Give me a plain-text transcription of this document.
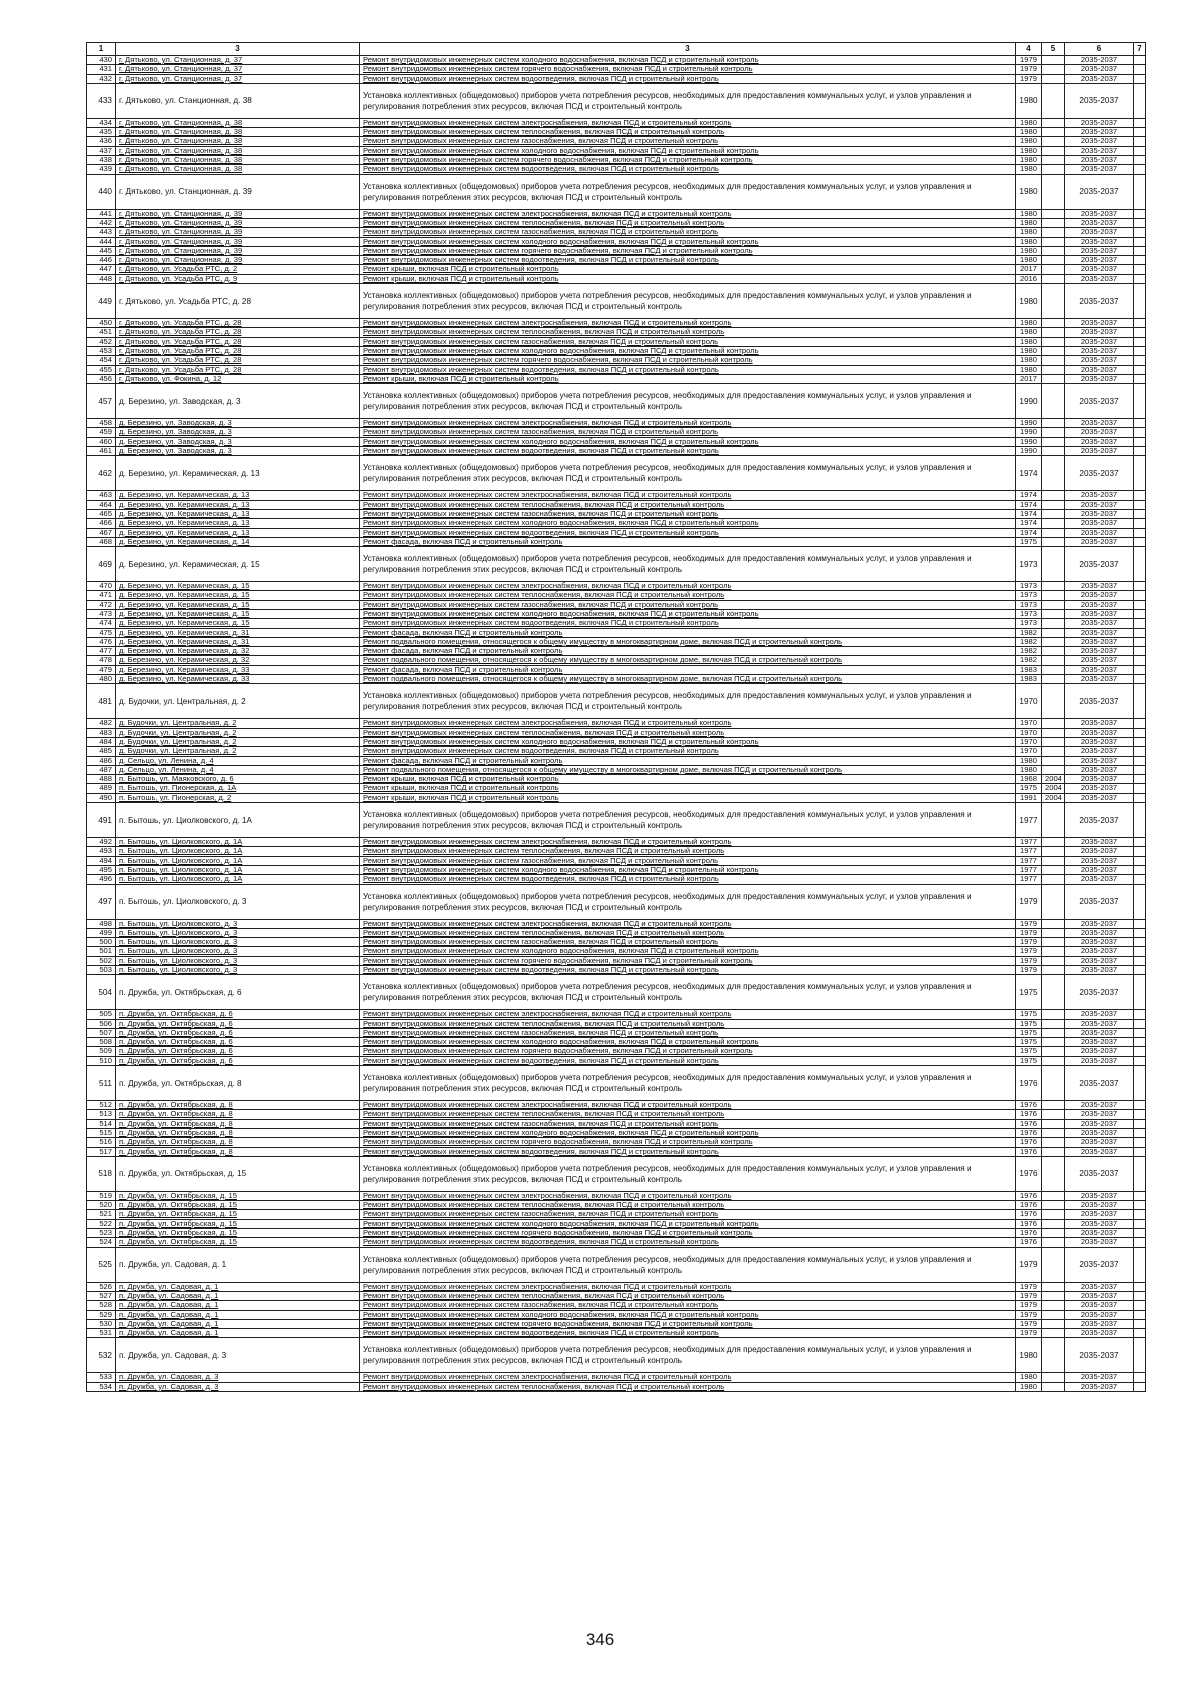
1	3	3	4	5	6	7
430	г. Дятьково, ул. Станционная, д. 37	Ремонт внутридомовых инженерных систем холодного водоснабжения, включая ПСД и строительный контроль	1979		2035-2037	
431	г. Дятьково, ул. Станционная, д. 37	Ремонт внутридомовых инженерных систем горячего водоснабжения, включая ПСД и строительный контроль	1979		2035-2037	
432	г. Дятьково, ул. Станционная, д. 37	Ремонт внутридомовых инженерных систем водоотведения, включая ПСД и строительный контроль	1979		2035-2037	
433	г. Дятьково, ул. Станционная, д. 38	Установка коллективных (общедомовых) приборов учета потребления ресурсов, необходимых для предоставления коммунальных услуг, и узлов управления и регулирования потребления этих ресурсов, включая ПСД и строительный контроль	1980		2035-2037	
434	г. Дятьково, ул. Станционная, д. 38	Ремонт внутридомовых инженерных систем электроснабжения, включая ПСД и строительный контроль	1980		2035-2037	
435	г. Дятьково, ул. Станционная, д. 38	Ремонт внутридомовых инженерных систем теплоснабжения, включая ПСД и строительный контроль	1980		2035-2037	
436	г. Дятьково, ул. Станционная, д. 38	Ремонт внутридомовых инженерных систем газоснабжения, включая ПСД и строительный контроль	1980		2035-2037	
437	г. Дятьково, ул. Станционная, д. 38	Ремонт внутридомовых инженерных систем холодного водоснабжения, включая ПСД и строительный контроль	1980		2035-2037	
438	г. Дятьково, ул. Станционная, д. 38	Ремонт внутридомовых инженерных систем горячего водоснабжения, включая ПСД и строительный контроль	1980		2035-2037	
439	г. Дятьково, ул. Станционная, д. 38	Ремонт внутридомовых инженерных систем водоотведения, включая ПСД и строительный контроль	1980		2035-2037	
440	г. Дятьково, ул. Станционная, д. 39	Установка коллективных (общедомовых) приборов учета потребления ресурсов, необходимых для предоставления коммунальных услуг, и узлов управления и регулирования потребления этих ресурсов, включая ПСД и строительный контроль	1980		2035-2037	
441	г. Дятьково, ул. Станционная, д. 39	Ремонт внутридомовых инженерных систем электроснабжения, включая ПСД и строительный контроль	1980		2035-2037	
442	г. Дятьково, ул. Станционная, д. 39	Ремонт внутридомовых инженерных систем теплоснабжения, включая ПСД и строительный контроль	1980		2035-2037	
443	г. Дятьково, ул. Станционная, д. 39	Ремонт внутридомовых инженерных систем газоснабжения, включая ПСД и строительный контроль	1980		2035-2037	
444	г. Дятьково, ул. Станционная, д. 39	Ремонт внутридомовых инженерных систем холодного водоснабжения, включая ПСД и строительный контроль	1980		2035-2037	
445	г. Дятьково, ул. Станционная, д. 39	Ремонт внутридомовых инженерных систем горячего водоснабжения, включая ПСД и строительный контроль	1980		2035-2037	
446	г. Дятьково, ул. Станционная, д. 39	Ремонт внутридомовых инженерных систем водоотведения, включая ПСД и строительный контроль	1980		2035-2037	
447	г. Дятьково, ул. Усадьба РТС, д. 2	Ремонт крыши, включая ПСД и строительный контроль	2017		2035-2037	
448	г. Дятьково, ул. Усадьба РТС, д. 9	Ремонт крыши, включая ПСД и строительный контроль	2016		2035-2037	
449	г. Дятьково, ул. Усадьба РТС, д. 28	Установка коллективных (общедомовых) приборов учета потребления ресурсов, необходимых для предоставления коммунальных услуг, и узлов управления и регулирования потребления этих ресурсов, включая ПСД и строительный контроль	1980		2035-2037	
450	г. Дятьково, ул. Усадьба РТС, д. 28	Ремонт внутридомовых инженерных систем электроснабжения, включая ПСД и строительный контроль	1980		2035-2037	
451	г. Дятьково, ул. Усадьба РТС, д. 28	Ремонт внутридомовых инженерных систем теплоснабжения, включая ПСД и строительный контроль	1980		2035-2037	
452	г. Дятьково, ул. Усадьба РТС, д. 28	Ремонт внутридомовых инженерных систем газоснабжения, включая ПСД и строительный контроль	1980		2035-2037	
453	г. Дятьково, ул. Усадьба РТС, д. 28	Ремонт внутридомовых инженерных систем холодного водоснабжения, включая ПСД и строительный контроль	1980		2035-2037	
454	г. Дятьково, ул. Усадьба РТС, д. 28	Ремонт внутридомовых инженерных систем горячего водоснабжения, включая ПСД и строительный контроль	1980		2035-2037	
455	г. Дятьково, ул. Усадьба РТС, д. 28	Ремонт внутридомовых инженерных систем водоотведения, включая ПСД и строительный контроль	1980		2035-2037	
456	г. Дятьково, ул. Фокина, д. 12	Ремонт крыши, включая ПСД и строительный контроль	2017		2035-2037	
457	д. Березино, ул. Заводская, д. 3	Установка коллективных (общедомовых) приборов учета потребления ресурсов, необходимых для предоставления коммунальных услуг, и узлов управления и регулирования потребления этих ресурсов, включая ПСД и строительный контроль	1990		2035-2037	
458	д. Березино, ул. Заводская, д. 3	Ремонт внутридомовых инженерных систем электроснабжения, включая ПСД и строительный контроль	1990		2035-2037	
459	д. Березино, ул. Заводская, д. 3	Ремонт внутридомовых инженерных систем газоснабжения, включая ПСД и строительный контроль	1990		2035-2037	
460	д. Березино, ул. Заводская, д. 3	Ремонт внутридомовых инженерных систем холодного водоснабжения, включая ПСД и строительный контроль	1990		2035-2037	
461	д. Березино, ул. Заводская, д. 3	Ремонт внутридомовых инженерных систем водоотведения, включая ПСД и строительный контроль	1990		2035-2037	
462	д. Березино, ул. Керамическая, д. 13	Установка коллективных (общедомовых) приборов учета потребления ресурсов, необходимых для предоставления коммунальных услуг, и узлов управления и регулирования потребления этих ресурсов, включая ПСД и строительный контроль	1974		2035-2037	
463	д. Березино, ул. Керамическая, д. 13	Ремонт внутридомовых инженерных систем электроснабжения, включая ПСД и строительный контроль	1974		2035-2037	
464	д. Березино, ул. Керамическая, д. 13	Ремонт внутридомовых инженерных систем теплоснабжения, включая ПСД и строительный контроль	1974		2035-2037	
465	д. Березино, ул. Керамическая, д. 13	Ремонт внутридомовых инженерных систем газоснабжения, включая ПСД и строительный контроль	1974		2035-2037	
466	д. Березино, ул. Керамическая, д. 13	Ремонт внутридомовых инженерных систем холодного водоснабжения, включая ПСД и строительный контроль	1974		2035-2037	
467	д. Березино, ул. Керамическая, д. 13	Ремонт внутридомовых инженерных систем водоотведения, включая ПСД и строительный контроль	1974		2035-2037	
468	д. Березино, ул. Керамическая, д. 14	Ремонт фасада, включая ПСД и строительный контроль	1975		2035-2037	
469	д. Березино, ул. Керамическая, д. 15	Установка коллективных (общедомовых) приборов учета потребления ресурсов, необходимых для предоставления коммунальных услуг, и узлов управления и регулирования потребления этих ресурсов, включая ПСД и строительный контроль	1973		2035-2037	
470	д. Березино, ул. Керамическая, д. 15	Ремонт внутридомовых инженерных систем электроснабжения, включая ПСД и строительный контроль	1973		2035-2037	
471	д. Березино, ул. Керамическая, д. 15	Ремонт внутридомовых инженерных систем теплоснабжения, включая ПСД и строительный контроль	1973		2035-2037	
472	д. Березино, ул. Керамическая, д. 15	Ремонт внутридомовых инженерных систем газоснабжения, включая ПСД и строительный контроль	1973		2035-2037	
473	д. Березино, ул. Керамическая, д. 15	Ремонт внутридомовых инженерных систем холодного водоснабжения, включая ПСД и строительный контроль	1973		2035-2037	
474	д. Березино, ул. Керамическая, д. 15	Ремонт внутридомовых инженерных систем водоотведения, включая ПСД и строительный контроль	1973		2035-2037	
475	д. Березино, ул. Керамическая, д. 31	Ремонт фасада, включая ПСД и строительный контроль	1982		2035-2037	
476	д. Березино, ул. Керамическая, д. 31	Ремонт подвального помещения, относящегося к общему имуществу в многоквартирном доме, включая ПСД и строительный контроль	1982		2035-2037	
477	д. Березино, ул. Керамическая, д. 32	Ремонт фасада, включая ПСД и строительный контроль	1982		2035-2037	
478	д. Березино, ул. Керамическая, д. 32	Ремонт подвального помещения, относящегося к общему имуществу в многоквартирном доме, включая ПСД и строительный контроль	1982		2035-2037	
479	д. Березино, ул. Керамическая, д. 33	Ремонт фасада, включая ПСД и строительный контроль	1983		2035-2037	
480	д. Березино, ул. Керамическая, д. 33	Ремонт подвального помещения, относящегося к общему имуществу в многоквартирном доме, включая ПСД и строительный контроль	1983		2035-2037	
481	д. Будочки, ул. Центральная, д. 2	Установка коллективных (общедомовых) приборов учета потребления ресурсов, необходимых для предоставления коммунальных услуг, и узлов управления и регулирования потребления этих ресурсов, включая ПСД и строительный контроль	1970		2035-2037	
482	д. Будочки, ул. Центральная, д. 2	Ремонт внутридомовых инженерных систем электроснабжения, включая ПСД и строительный контроль	1970		2035-2037	
483	д. Будочки, ул. Центральная, д. 2	Ремонт внутридомовых инженерных систем теплоснабжения, включая ПСД и строительный контроль	1970		2035-2037	
484	д. Будочки, ул. Центральная, д. 2	Ремонт внутридомовых инженерных систем холодного водоснабжения, включая ПСД и строительный контроль	1970		2035-2037	
485	д. Будочки, ул. Центральная, д. 2	Ремонт внутридомовых инженерных систем водоотведения, включая ПСД и строительный контроль	1970		2035-2037	
486	д. Сельцо, ул. Ленина, д. 4	Ремонт фасада, включая ПСД и строительный контроль	1980		2035-2037	
487	д. Сельцо, ул. Ленина, д. 4	Ремонт подвального помещения, относящегося к общему имуществу в многоквартирном доме, включая ПСД и строительный контроль	1980		2035-2037	
488	п. Бытошь, ул. Маяковского, д. 6	Ремонт крыши, включая ПСД и строительный контроль	1968	2004	2035-2037	
489	п. Бытошь, ул. Пионерская, д. 1А	Ремонт крыши, включая ПСД и строительный контроль	1975	2004	2035-2037	
490	п. Бытошь, ул. Пионерская, д. 2	Ремонт крыши, включая ПСД и строительный контроль	1991	2004	2035-2037	
491	п. Бытошь, ул. Циолковского, д. 1А	Установка коллективных (общедомовых) приборов учета потребления ресурсов, необходимых для предоставления коммунальных услуг, и узлов управления и регулирования потребления этих ресурсов, включая ПСД и строительный контроль	1977		2035-2037	
492	п. Бытошь, ул. Циолковского, д. 1А	Ремонт внутридомовых инженерных систем электроснабжения, включая ПСД и строительный контроль	1977		2035-2037	
493	п. Бытошь, ул. Циолковского, д. 1А	Ремонт внутридомовых инженерных систем теплоснабжения, включая ПСД и строительный контроль	1977		2035-2037	
494	п. Бытошь, ул. Циолковского, д. 1А	Ремонт внутридомовых инженерных систем газоснабжения, включая ПСД и строительный контроль	1977		2035-2037	
495	п. Бытошь, ул. Циолковского, д. 1А	Ремонт внутридомовых инженерных систем холодного водоснабжения, включая ПСД и строительный контроль	1977		2035-2037	
496	п. Бытошь, ул. Циолковского, д. 1А	Ремонт внутридомовых инженерных систем водоотведения, включая ПСД и строительный контроль	1977		2035-2037	
497	п. Бытошь, ул. Циолковского, д. 3	Установка коллективных (общедомовых) приборов учета потребления ресурсов, необходимых для предоставления коммунальных услуг, и узлов управления и регулирования потребления этих ресурсов, включая ПСД и строительный контроль	1979		2035-2037	
498	п. Бытошь, ул. Циолковского, д. 3	Ремонт внутридомовых инженерных систем электроснабжения, включая ПСД и строительный контроль	1979		2035-2037	
499	п. Бытошь, ул. Циолковского, д. 3	Ремонт внутридомовых инженерных систем теплоснабжения, включая ПСД и строительный контроль	1979		2035-2037	
500	п. Бытошь, ул. Циолковского, д. 3	Ремонт внутридомовых инженерных систем газоснабжения, включая ПСД и строительный контроль	1979		2035-2037	
501	п. Бытошь, ул. Циолковского, д. 3	Ремонт внутридомовых инженерных систем холодного водоснабжения, включая ПСД и строительный контроль	1979		2035-2037	
502	п. Бытошь, ул. Циолковского, д. 3	Ремонт внутридомовых инженерных систем горячего водоснабжения, включая ПСД и строительный контроль	1979		2035-2037	
503	п. Бытошь, ул. Циолковского, д. 3	Ремонт внутридомовых инженерных систем водоотведения, включая ПСД и строительный контроль	1979		2035-2037	
504	п. Дружба, ул. Октябрьская, д. 6	Установка коллективных (общедомовых) приборов учета потребления ресурсов, необходимых для предоставления коммунальных услуг, и узлов управления и регулирования потребления этих ресурсов, включая ПСД и строительный контроль	1975		2035-2037	
505	п. Дружба, ул. Октябрьская, д. 6	Ремонт внутридомовых инженерных систем электроснабжения, включая ПСД и строительный контроль	1975		2035-2037	
506	п. Дружба, ул. Октябрьская, д. 6	Ремонт внутридомовых инженерных систем теплоснабжения, включая ПСД и строительный контроль	1975		2035-2037	
507	п. Дружба, ул. Октябрьская, д. 6	Ремонт внутридомовых инженерных систем газоснабжения, включая ПСД и строительный контроль	1975		2035-2037	
508	п. Дружба, ул. Октябрьская, д. 6	Ремонт внутридомовых инженерных систем холодного водоснабжения, включая ПСД и строительный контроль	1975		2035-2037	
509	п. Дружба, ул. Октябрьская, д. 6	Ремонт внутридомовых инженерных систем горячего водоснабжения, включая ПСД и строительный контроль	1975		2035-2037	
510	п. Дружба, ул. Октябрьская, д. 6	Ремонт внутридомовых инженерных систем водоотведения, включая ПСД и строительный контроль	1975		2035-2037	
511	п. Дружба, ул. Октябрьская, д. 8	Установка коллективных (общедомовых) приборов учета потребления ресурсов, необходимых для предоставления коммунальных услуг, и узлов управления и регулирования потребления этих ресурсов, включая ПСД и строительный контроль	1976		2035-2037	
512	п. Дружба, ул. Октябрьская, д. 8	Ремонт внутридомовых инженерных систем электроснабжения, включая ПСД и строительный контроль	1976		2035-2037	
513	п. Дружба, ул. Октябрьская, д. 8	Ремонт внутридомовых инженерных систем теплоснабжения, включая ПСД и строительный контроль	1976		2035-2037	
514	п. Дружба, ул. Октябрьская, д. 8	Ремонт внутридомовых инженерных систем газоснабжения, включая ПСД и строительный контроль	1976		2035-2037	
515	п. Дружба, ул. Октябрьская, д. 8	Ремонт внутридомовых инженерных систем холодного водоснабжения, включая ПСД и строительный контроль	1976		2035-2037	
516	п. Дружба, ул. Октябрьская, д. 8	Ремонт внутридомовых инженерных систем горячего водоснабжения, включая ПСД и строительный контроль	1976		2035-2037	
517	п. Дружба, ул. Октябрьская, д. 8	Ремонт внутридомовых инженерных систем водоотведения, включая ПСД и строительный контроль	1976		2035-2037	
518	п. Дружба, ул. Октябрьская, д. 15	Установка коллективных (общедомовых) приборов учета потребления ресурсов, необходимых для предоставления коммунальных услуг, и узлов управления и регулирования потребления этих ресурсов, включая ПСД и строительный контроль	1976		2035-2037	
519	п. Дружба, ул. Октябрьская, д. 15	Ремонт внутридомовых инженерных систем электроснабжения, включая ПСД и строительный контроль	1976		2035-2037	
520	п. Дружба, ул. Октябрьская, д. 15	Ремонт внутридомовых инженерных систем теплоснабжения, включая ПСД и строительный контроль	1976		2035-2037	
521	п. Дружба, ул. Октябрьская, д. 15	Ремонт внутридомовых инженерных систем газоснабжения, включая ПСД и строительный контроль	1976		2035-2037	
522	п. Дружба, ул. Октябрьская, д. 15	Ремонт внутридомовых инженерных систем холодного водоснабжения, включая ПСД и строительный контроль	1976		2035-2037	
523	п. Дружба, ул. Октябрьская, д. 15	Ремонт внутридомовых инженерных систем горячего водоснабжения, включая ПСД и строительный контроль	1976		2035-2037	
524	п. Дружба, ул. Октябрьская, д. 15	Ремонт внутридомовых инженерных систем водоотведения, включая ПСД и строительный контроль	1976		2035-2037	
525	п. Дружба, ул. Садовая, д. 1	Установка коллективных (общедомовых) приборов учета потребления ресурсов, необходимых для предоставления коммунальных услуг, и узлов управления и регулирования потребления этих ресурсов, включая ПСД и строительный контроль	1979		2035-2037	
526	п. Дружба, ул. Садовая, д. 1	Ремонт внутридомовых инженерных систем электроснабжения, включая ПСД и строительный контроль	1979		2035-2037	
527	п. Дружба, ул. Садовая, д. 1	Ремонт внутридомовых инженерных систем теплоснабжения, включая ПСД и строительный контроль	1979		2035-2037	
528	п. Дружба, ул. Садовая, д. 1	Ремонт внутридомовых инженерных систем газоснабжения, включая ПСД и строительный контроль	1979		2035-2037	
529	п. Дружба, ул. Садовая, д. 1	Ремонт внутридомовых инженерных систем холодного водоснабжения, включая ПСД и строительный контроль	1979		2035-2037	
530	п. Дружба, ул. Садовая, д. 1	Ремонт внутридомовых инженерных систем горячего водоснабжения, включая ПСД и строительный контроль	1979		2035-2037	
531	п. Дружба, ул. Садовая, д. 1	Ремонт внутридомовых инженерных систем водоотведения, включая ПСД и строительный контроль	1979		2035-2037	
532	п. Дружба, ул. Садовая, д. 3	Установка коллективных (общедомовых) приборов учета потребления ресурсов, необходимых для предоставления коммунальных услуг, и узлов управления и регулирования потребления этих ресурсов, включая ПСД и строительный контроль	1980		2035-2037	
533	п. Дружба, ул. Садовая, д. 3	Ремонт внутридомовых инженерных систем электроснабжения, включая ПСД и строительный контроль	1980		2035-2037	
534	п. Дружба, ул. Садовая, д. 3	Ремонт внутридомовых инженерных систем теплоснабжения, включая ПСД и строительный контроль	1980		2035-2037	
346
